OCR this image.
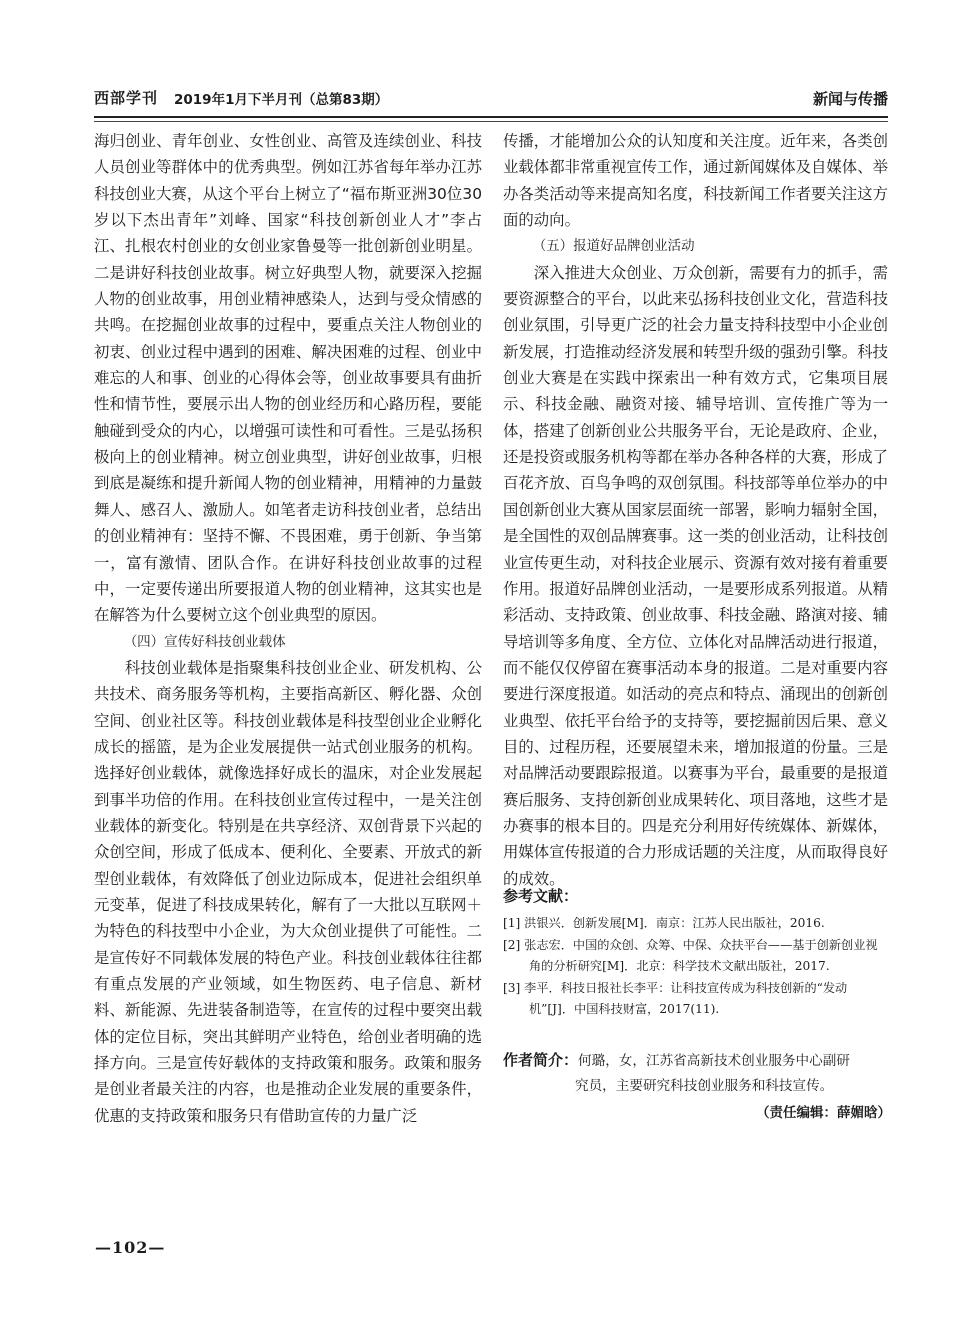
西部学刊 2019年1月下半月刊（总第83期）	新闻与传播

海归创业、青年创业、女性创业、高管及连续创业、科技人员创业等群体中的优秀典型。例如江苏省每年举办江苏科技创业大赛，从这个平台上树立了“福布斯亚洲30位30岁以下杰出青年”刘峰、国家“科技创新创业人才”李占江、扎根农村创业的女创业家鲁曼等一批创新创业明星。二是讲好科技创业故事。树立好典型人物，就要深入挖掘人物的创业故事，用创业精神感染人，达到与受众情感的共鸣。在挖掘创业故事的过程中，要重点关注人物创业的初衷、创业过程中遇到的困难、解决困难的过程、创业中难忘的人和事、创业的心得体会等，创业故事要具有曲折性和情节性，要展示出人物的创业经历和心路历程，要能触碰到受众的内心，以增强可读性和可看性。三是弘扬积极向上的创业精神。树立创业典型，讲好创业故事，归根到底是凝练和提升新闻人物的创业精神，用精神的力量鼓舞人、感召人、激励人。如笔者走访科技创业者，总结出的创业精神有：坚持不懈、不畏困难，勇于创新、争当第一，富有激情、团队合作。在讲好科技创业故事的过程中，一定要传递出所要报道人物的创业精神，这其实也是在解答为什么要树立这个创业典型的原因。

（四）宣传好科技创业载体

科技创业载体是指聚集科技创业企业、研发机构、公共技术、商务服务等机构，主要指高新区、孵化器、众创空间、创业社区等。科技创业载体是科技型创业企业孵化成长的摇篮，是为企业发展提供一站式创业服务的机构。选择好创业载体，就像选择好成长的温床，对企业发展起到事半功倍的作用。在科技创业宣传过程中，一是关注创业载体的新变化。特别是在共享经济、双创背景下兴起的众创空间，形成了低成本、便利化、全要素、开放式的新型创业载体，有效降低了创业边际成本，促进社会组织单元变革，促进了科技成果转化，解有了一大批以互联网＋为特色的科技型中小企业，为大众创业提供了可能性。二是宣传好不同载体发展的特色产业。科技创业载体往往都有重点发展的产业领域，如生物医药、电子信息、新材料、新能源、先进装备制造等，在宣传的过程中要突出载体的定位目标，突出其鲜明产业特色，给创业者明确的选择方向。三是宣传好载体的支持政策和服务。政策和服务是创业者最关注的内容，也是推动企业发展的重要条件，优惠的支持政策和服务只有借助宣传的力量广泛

传播，才能增加公众的认知度和关注度。近年来，各类创业载体都非常重视宣传工作，通过新闻媒体及自媒体、举办各类活动等来提高知名度，科技新闻工作者要关注这方面的动向。

（五）报道好品牌创业活动

深入推进大众创业、万众创新，需要有力的抓手，需要资源整合的平台，以此来弘扬科技创业文化，营造科技创业氛围，引导更广泛的社会力量支持科技型中小企业创新发展，打造推动经济发展和转型升级的强劲引擎。科技创业大赛是在实践中探索出一种有效方式，它集项目展示、科技金融、融资对接、辅导培训、宣传推广等为一体，搭建了创新创业公共服务平台，无论是政府、企业，还是投资或服务机构等都在举办各种各样的大赛，形成了百花齐放、百鸟争鸣的双创氛围。科技部等单位举办的中国创新创业大赛从国家层面统一部署，影响力辐射全国，是全国性的双创品牌赛事。这一类的创业活动，让科技创业宣传更生动，对科技企业展示、资源有效对接有着重要作用。报道好品牌创业活动，一是要形成系列报道。从精彩活动、支持政策、创业故事、科技金融、路演对接、辅导培训等多角度、全方位、立体化对品牌活动进行报道，而不能仅仅停留在赛事活动本身的报道。二是对重要内容要进行深度报道。如活动的亮点和特点、涌现出的创新创业典型、依托平台给予的支持等，要挖掘前因后果、意义目的、过程历程，还要展望未来，增加报道的份量。三是对品牌活动要跟踪报道。以赛事为平台，最重要的是报道赛后服务、支持创新创业成果转化、项目落地，这些才是办赛事的根本目的。四是充分利用好传统媒体、新媒体，用媒体宣传报道的合力形成话题的关注度，从而取得良好的成效。

参考文献：

[1] 洪银兴．创新发展[M]．南京：江苏人民出版社，2016.

[2] 张志宏．中国的众创、众筹、中保、众扶平台——基于创新创业视角的分析研究[M]．北京：科学技术文献出版社，2017.

[3] 李平．科技日报社长李平：让科技宣传成为科技创新的“发动机”[J]．中国科技财富，2017(11).

作者简介：何璐，女，江苏省高新技术创业服务中心副研

究员，主要研究科技创业服务和科技宣传。

（责任编辑：薛媚晗）

—102—
